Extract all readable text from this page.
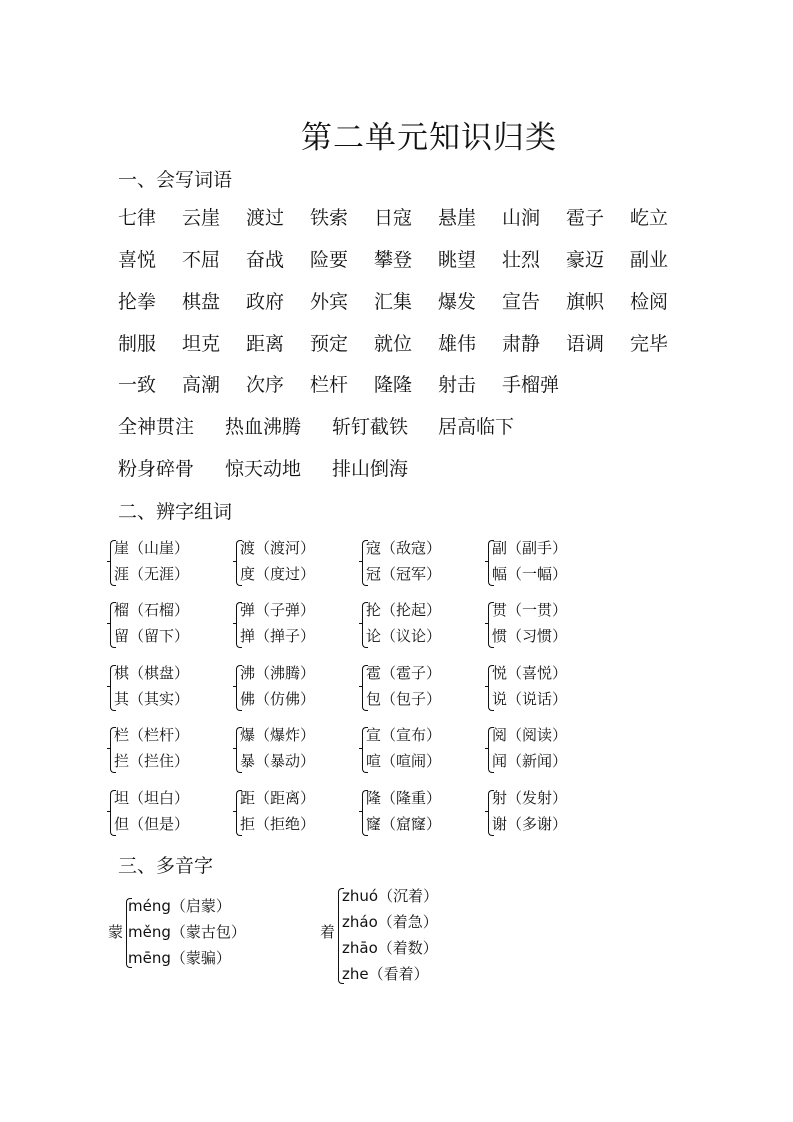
第二单元知识归类
一、会写词语
七律 云崖 渡过 铁索 日寇 悬崖 山涧 雹子 屹立
喜悦 不屈 奋战 险要 攀登 眺望 壮烈 豪迈 副业
抡拳 棋盘 政府 外宾 汇集 爆发 宣告 旗帜 检阅
制服 坦克 距离 预定 就位 雄伟 肃静 语调 完毕
一致 高潮 次序 栏杆 隆隆 射击 手榴弹
全神贯注 热血沸腾 斩钉截铁 居高临下
粉身碎骨 惊天动地 排山倒海
二、辨字组词
崖（山崖）
涯（无涯）
渡（渡河）
度（度过）
寇（敌寇）
冠（冠军）
副（副手）
幅（一幅）
榴（石榴）
留（留下）
弹（子弹）
掸（掸子）
抡（抡起）
论（议论）
贯（一贯）
惯（习惯）
棋（棋盘）
其（其实）
沸（沸腾）
佛（仿佛）
雹（雹子）
包（包子）
悦（喜悦）
说（说话）
栏（栏杆）
拦（拦住）
爆（爆炸）
暴（暴动）
宣（宣布）
喧（喧闹）
阅（阅读）
闻（新闻）
坦（坦白）
但（但是）
距（距离）
拒（拒绝）
隆（隆重）
窿（窟窿）
射（发射）
谢（多谢）
三、多音字
蒙
méng（启蒙）
měng（蒙古包）
mēng（蒙骗）
着
zhuó（沉着）
zháo（着急）
zhāo（着数）
zhe（看着）
